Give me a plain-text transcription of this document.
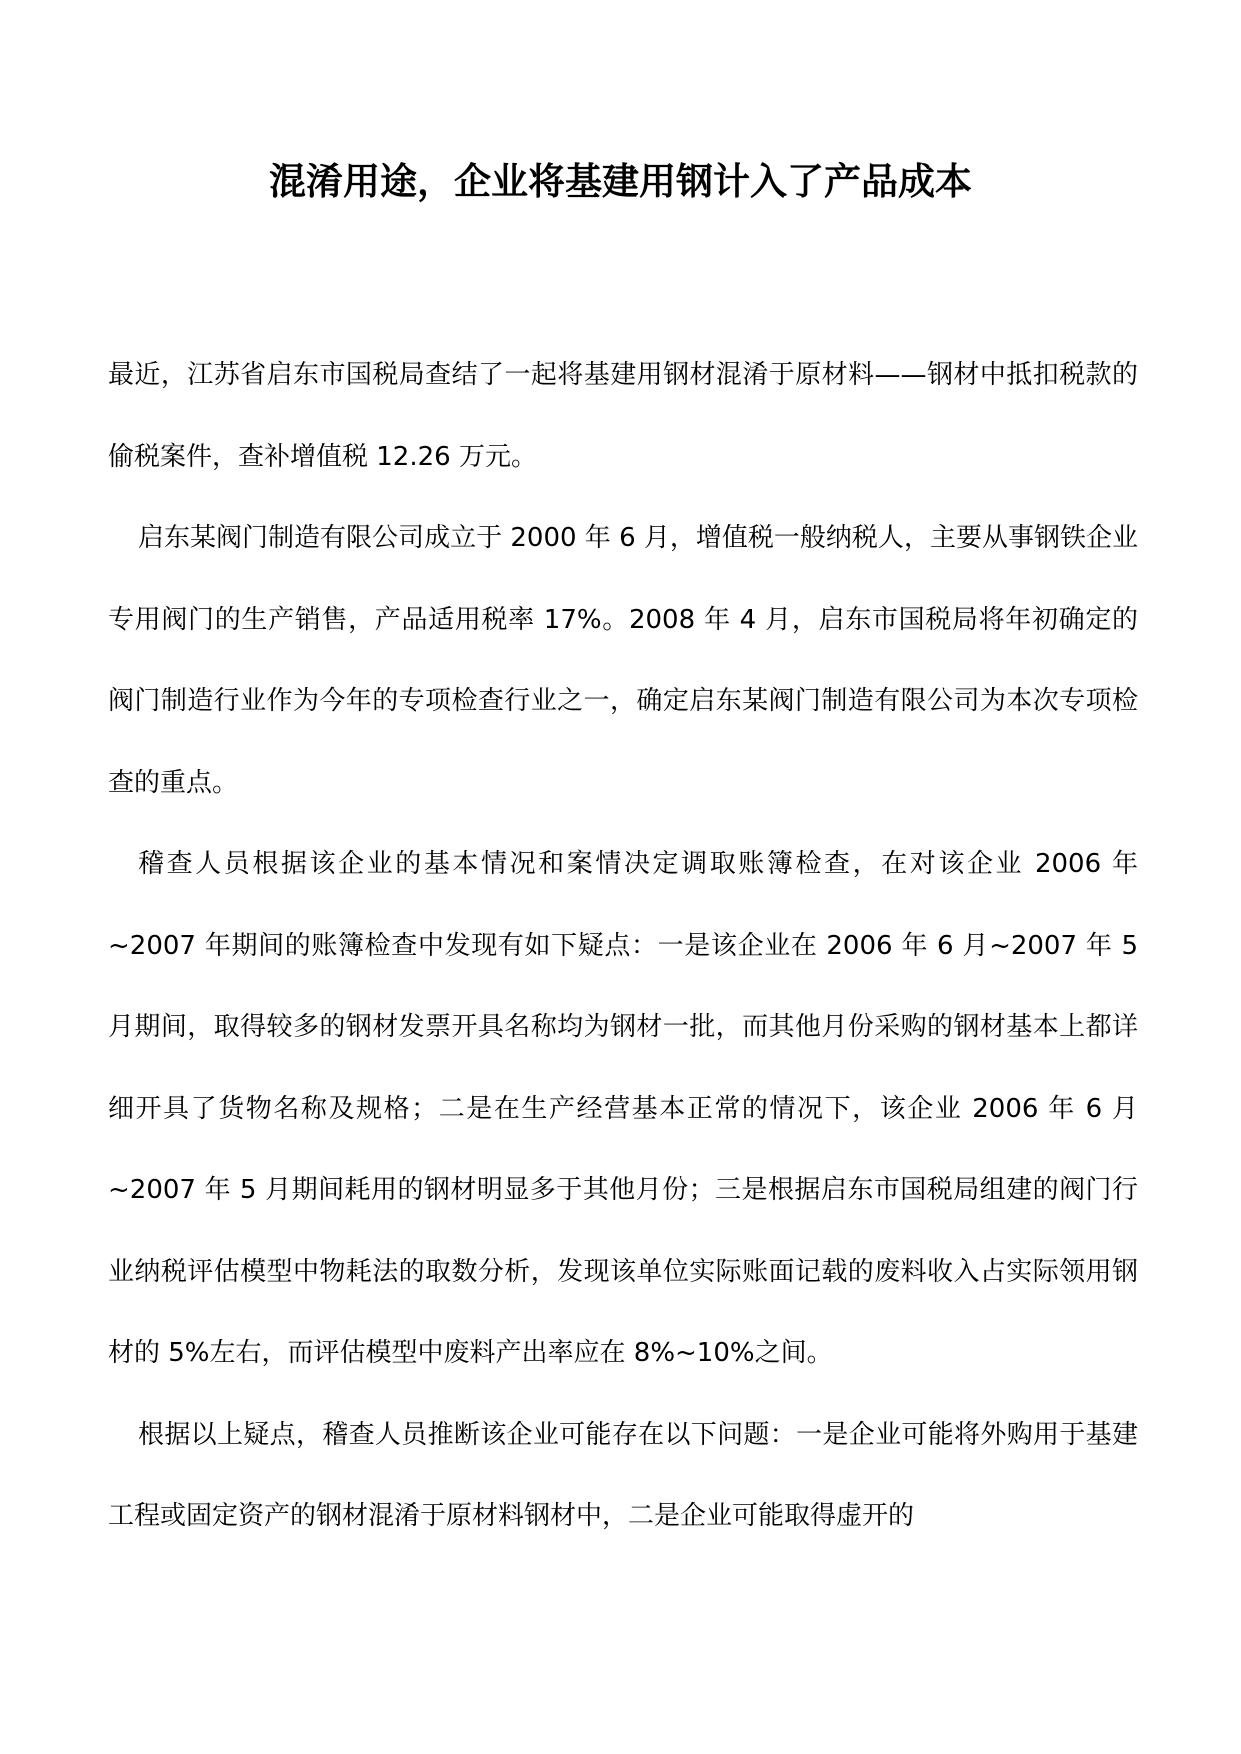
混淆用途，企业将基建用钢计入了产品成本

最近，江苏省启东市国税局查结了一起将基建用钢材混淆于原材料——钢材中抵扣税款的偷税案件，查补增值税 12.26 万元。

启东某阀门制造有限公司成立于 2000 年 6 月，增值税一般纳税人，主要从事钢铁企业专用阀门的生产销售，产品适用税率 17%。2008 年 4 月，启东市国税局将年初确定的阀门制造行业作为今年的专项检查行业之一，确定启东某阀门制造有限公司为本次专项检查的重点。

稽查人员根据该企业的基本情况和案情决定调取账簿检查，在对该企业 2006 年~2007 年期间的账簿检查中发现有如下疑点：一是该企业在 2006 年 6 月~2007 年 5 月期间，取得较多的钢材发票开具名称均为钢材一批，而其他月份采购的钢材基本上都详细开具了货物名称及规格；二是在生产经营基本正常的情况下，该企业 2006 年 6 月~2007 年 5 月期间耗用的钢材明显多于其他月份；三是根据启东市国税局组建的阀门行业纳税评估模型中物耗法的取数分析，发现该单位实际账面记载的废料收入占实际领用钢材的 5%左右，而评估模型中废料产出率应在 8%~10%之间。

根据以上疑点，稽查人员推断该企业可能存在以下问题：一是企业可能将外购用于基建工程或固定资产的钢材混淆于原材料钢材中，二是企业可能取得虚开的
